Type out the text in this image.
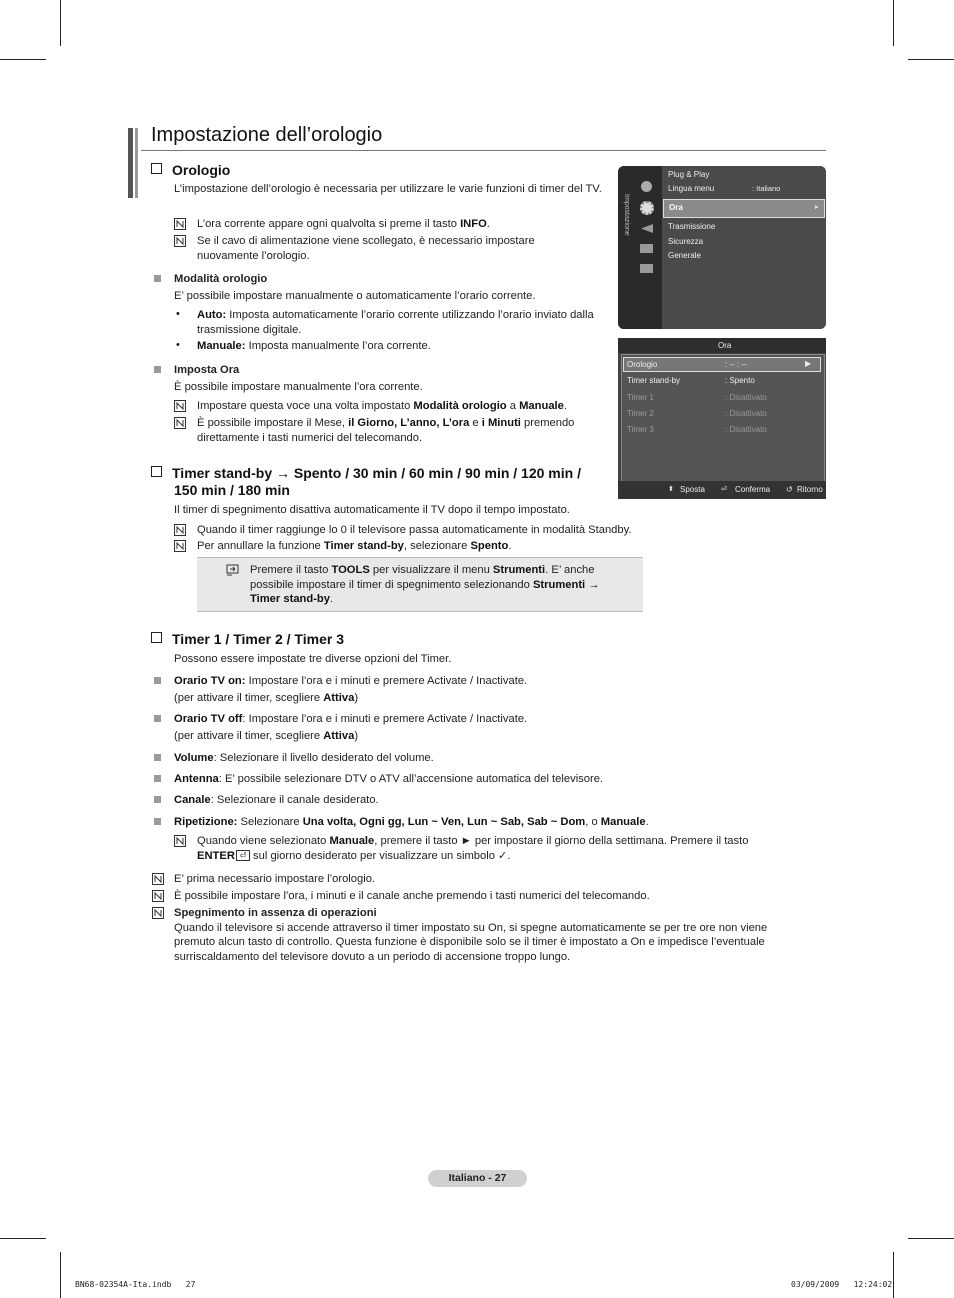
Impostazione dell’orologio
Orologio
L’impostazione dell’orologio è necessaria per utilizzare le varie funzioni di timer del TV.
L’ora corrente appare ogni qualvolta si preme il tasto INFO.
Se il cavo di alimentazione viene scollegato, è necessario impostare nuovamente l’orologio.
Modalità orologio
E’ possibile impostare manualmente o automaticamente l’orario corrente.
• Auto: Imposta automaticamente l’orario corrente utilizzando l’orario inviato dalla trasmissione digitale.
• Manuale: Imposta manualmente l’ora corrente.
Imposta Ora
È possibile impostare manualmente l’ora corrente.
Impostare questa voce una volta impostato Modalità orologio a Manuale.
È possibile impostare il Mese, il Giorno, L’anno, L’ora e i Minuti premendo direttamente i tasti numerici del telecomando.
Impostazione
Plug & Play
Lingua menu	: Italiano
Ora	▸
Trasmissione
Sicurezza
Generale
Ora
Orologio	: -- : --	▶
Timer stand-by	: Spento
Timer 1	: Disattivato
Timer 2	: Disattivato
Timer 3	: Disattivato
⬍ Sposta ⏎ Conferma ↺ Ritorno
Timer stand-by → Spento / 30 min / 60 min / 90 min / 120 min /
150 min / 180 min
Il timer di spegnimento disattiva automaticamente il TV dopo il tempo impostato.
Quando il timer raggiunge lo 0 il televisore passa automaticamente in modalità Standby.
Per annullare la funzione Timer stand-by, selezionare Spento.
Premere il tasto TOOLS per visualizzare il menu Strumenti. E’ anche possibile impostare il timer di spegnimento selezionando Strumenti → Timer stand-by.
Timer 1 / Timer 2 / Timer 3
Possono essere impostate tre diverse opzioni del Timer.
Orario TV on: Impostare l’ora e i minuti e premere Activate / Inactivate.
(per attivare il timer, scegliere Attiva)
Orario TV off: Impostare l’ora e i minuti e premere Activate / Inactivate.
(per attivare il timer, scegliere Attiva)
Volume: Selezionare il livello desiderato del volume.
Antenna: E’ possibile selezionare DTV o ATV all’accensione automatica del televisore.
Canale: Selezionare il canale desiderato.
Ripetizione: Selezionare Una volta, Ogni gg, Lun ~ Ven, Lun ~ Sab, Sab ~ Dom, o Manuale.
Quando viene selezionato Manuale, premere il tasto ► per impostare il giorno della settimana. Premere il tasto
ENTER ⏎ sul giorno desiderato per visualizzare un simbolo ✓.
E’ prima necessario impostare l’orologio.
È possibile impostare l’ora, i minuti e il canale anche premendo i tasti numerici del telecomando.
Spegnimento in assenza di operazioni
Quando il televisore si accende attraverso il timer impostato su On, si spegne automaticamente se per tre ore non viene
premuto alcun tasto di controllo. Questa funzione è disponibile solo se il timer è impostato a On e impedisce l’eventuale
surriscaldamento del televisore dovuto a un periodo di accensione troppo lungo.
Italiano - 27
BN68-02354A-Ita.indb   27	03/09/2009   12:24:02
